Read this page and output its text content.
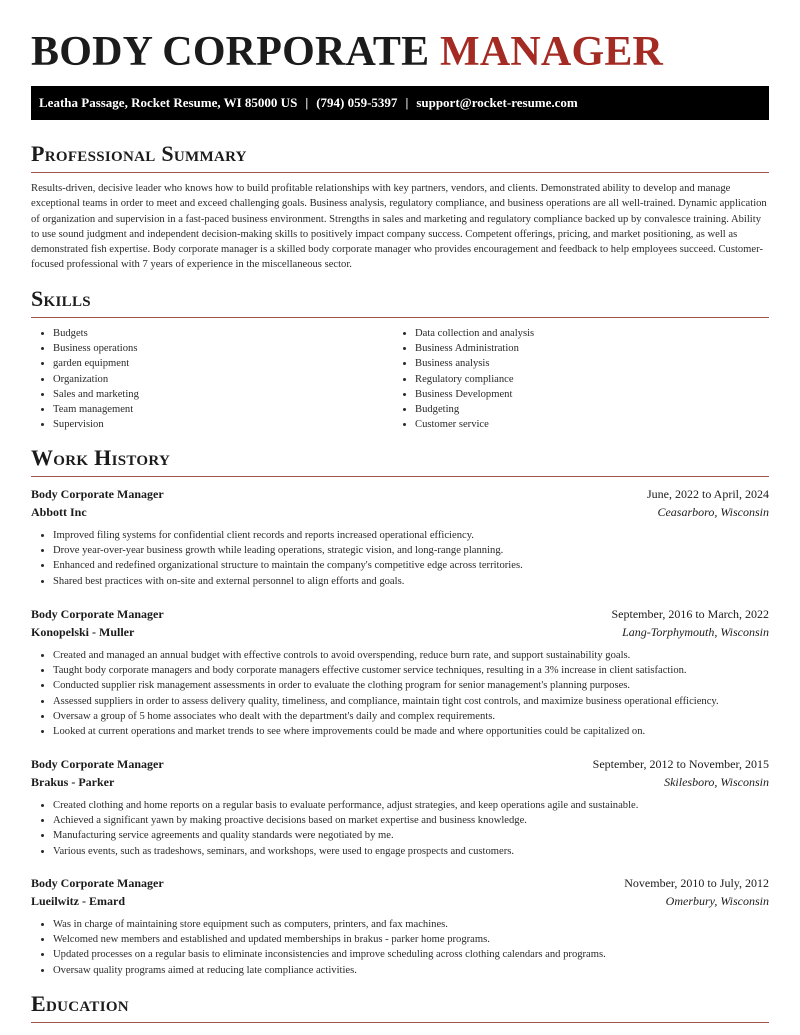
BODY CORPORATE MANAGER
Leatha Passage, Rocket Resume, WI 85000 US | (794) 059-5397 | support@rocket-resume.com
Professional Summary

Results-driven, decisive leader who knows how to build profitable relationships with key partners, vendors, and clients. Demonstrated ability to develop and manage exceptional teams in order to meet and exceed challenging goals. Business analysis, regulatory compliance, and business operations are all well-trained. Dynamic application of organization and supervision in a fast-paced business environment. Strengths in sales and marketing and regulatory compliance backed up by convalesce training. Ability to use sound judgment and independent decision-making skills to positively impact company success. Competent offerings, pricing, and market positioning, as well as demonstrated fish expertise. Body corporate manager is a skilled body corporate manager who provides encouragement and feedback to help employees succeed. Customer-focused professional with 7 years of experience in the miscellaneous sector.

Skills
• Budgets
• Business operations
• garden equipment
• Organization
• Sales and marketing
• Team management
• Supervision
• Data collection and analysis
• Business Administration
• Business analysis
• Regulatory compliance
• Business Development
• Budgeting
• Customer service
Work History
Body Corporate Manager	June, 2022 to April, 2024
Abbott Inc	Ceasarboro, Wisconsin
• Improved filing systems for confidential client records and reports increased operational efficiency.
• Drove year-over-year business growth while leading operations, strategic vision, and long-range planning.
• Enhanced and redefined organizational structure to maintain the company's competitive edge across territories.
• Shared best practices with on-site and external personnel to align efforts and goals.
Body Corporate Manager	September, 2016 to March, 2022
Konopelski - Muller	Lang-Torphymouth, Wisconsin
• Created and managed an annual budget with effective controls to avoid overspending, reduce burn rate, and support sustainability goals.
• Taught body corporate managers and body corporate managers effective customer service techniques, resulting in a 3% increase in client satisfaction.
• Conducted supplier risk management assessments in order to evaluate the clothing program for senior management's planning purposes.
• Assessed suppliers in order to assess delivery quality, timeliness, and compliance, maintain tight cost controls, and maximize business operational efficiency.
• Oversaw a group of 5 home associates who dealt with the department's daily and complex requirements.
• Looked at current operations and market trends to see where improvements could be made and where opportunities could be capitalized on.
Body Corporate Manager	September, 2012 to November, 2015
Brakus - Parker	Skilesboro, Wisconsin
• Created clothing and home reports on a regular basis to evaluate performance, adjust strategies, and keep operations agile and sustainable.
• Achieved a significant yawn by making proactive decisions based on market expertise and business knowledge.
• Manufacturing service agreements and quality standards were negotiated by me.
• Various events, such as tradeshows, seminars, and workshops, were used to engage prospects and customers.
Body Corporate Manager	November, 2010 to July, 2012
Lueilwitz - Emard	Omerbury, Wisconsin
• Was in charge of maintaining store equipment such as computers, printers, and fax machines.
• Welcomed new members and established and updated memberships in brakus - parker home programs.
• Updated processes on a regular basis to eliminate inconsistencies and improve scheduling across clothing calendars and programs.
• Oversaw quality programs aimed at reducing late compliance activities.
Education
